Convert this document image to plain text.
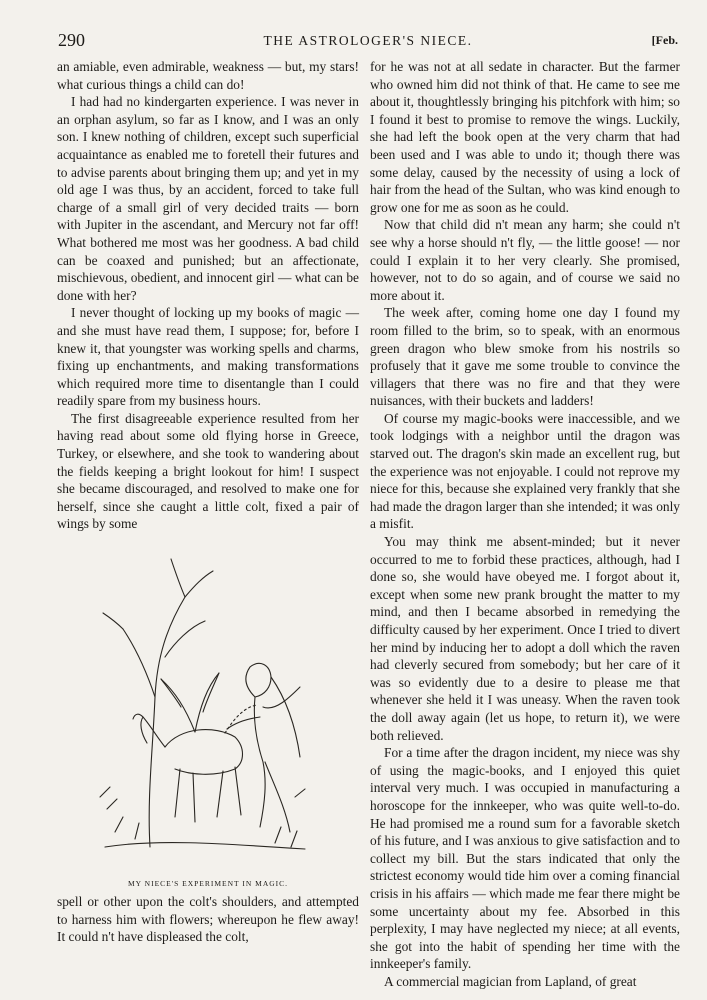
290	THE ASTROLOGER'S NIECE.	[Feb.

an amiable, even admirable, weakness — but, my stars! what curious things a child can do!

I had had no kindergarten experience. I was never in an orphan asylum, so far as I know, and I was an only son. I knew nothing of children, except such superficial acquaintance as enabled me to foretell their futures and to advise parents about bringing them up; and yet in my old age I was thus, by an accident, forced to take full charge of a small girl of very decided traits — born with Jupiter in the ascendant, and Mercury not far off! What bothered me most was her goodness. A bad child can be coaxed and punished; but an affectionate, mischievous, obedient, and innocent girl — what can be done with her?

I never thought of locking up my books of magic — and she must have read them, I suppose; for, before I knew it, that youngster was working spells and charms, fixing up enchantments, and making transformations which required more time to disentangle than I could readily spare from my business hours.

The first disagreeable experience resulted from her having read about some old flying horse in Greece, Turkey, or elsewhere, and she took to wandering about the fields keeping a bright lookout for him! I suspect she became discouraged, and resolved to make one for herself, since she caught a little colt, fixed a pair of wings by some

MY NIECE'S EXPERIMENT IN MAGIC.

spell or other upon the colt's shoulders, and attempted to harness him with flowers; whereupon he flew away! It could n't have displeased the colt,

for he was not at all sedate in character. But the farmer who owned him did not think of that. He came to see me about it, thoughtlessly bringing his pitchfork with him; so I found it best to promise to remove the wings. Luckily, she had left the book open at the very charm that had been used and I was able to undo it; though there was some delay, caused by the necessity of using a lock of hair from the head of the Sultan, who was kind enough to grow one for me as soon as he could.

Now that child did n't mean any harm; she could n't see why a horse should n't fly, — the little goose! — nor could I explain it to her very clearly. She promised, however, not to do so again, and of course we said no more about it.

The week after, coming home one day I found my room filled to the brim, so to speak, with an enormous green dragon who blew smoke from his nostrils so profusely that it gave me some trouble to convince the villagers that there was no fire and that they were nuisances, with their buckets and ladders!

Of course my magic-books were inaccessible, and we took lodgings with a neighbor until the dragon was starved out. The dragon's skin made an excellent rug, but the experience was not enjoyable. I could not reprove my niece for this, because she explained very frankly that she had made the dragon larger than she intended; it was only a misfit.

You may think me absent-minded; but it never occurred to me to forbid these practices, although, had I done so, she would have obeyed me. I forgot about it, except when some new prank brought the matter to my mind, and then I became absorbed in remedying the difficulty caused by her experiment. Once I tried to divert her mind by inducing her to adopt a doll which the raven had cleverly secured from somebody; but her care of it was so evidently due to a desire to please me that whenever she held it I was uneasy. When the raven took the doll away again (let us hope, to return it), we were both relieved.

For a time after the dragon incident, my niece was shy of using the magic-books, and I enjoyed this quiet interval very much. I was occupied in manufacturing a horoscope for the innkeeper, who was quite well-to-do. He had promised me a round sum for a favorable sketch of his future, and I was anxious to give satisfaction and to collect my bill. But the stars indicated that only the strictest economy would tide him over a coming financial crisis in his affairs — which made me fear there might be some uncertainty about my fee. Absorbed in this perplexity, I may have neglected my niece; at all events, she got into the habit of spending her time with the innkeeper's family.

A commercial magician from Lapland, of great
